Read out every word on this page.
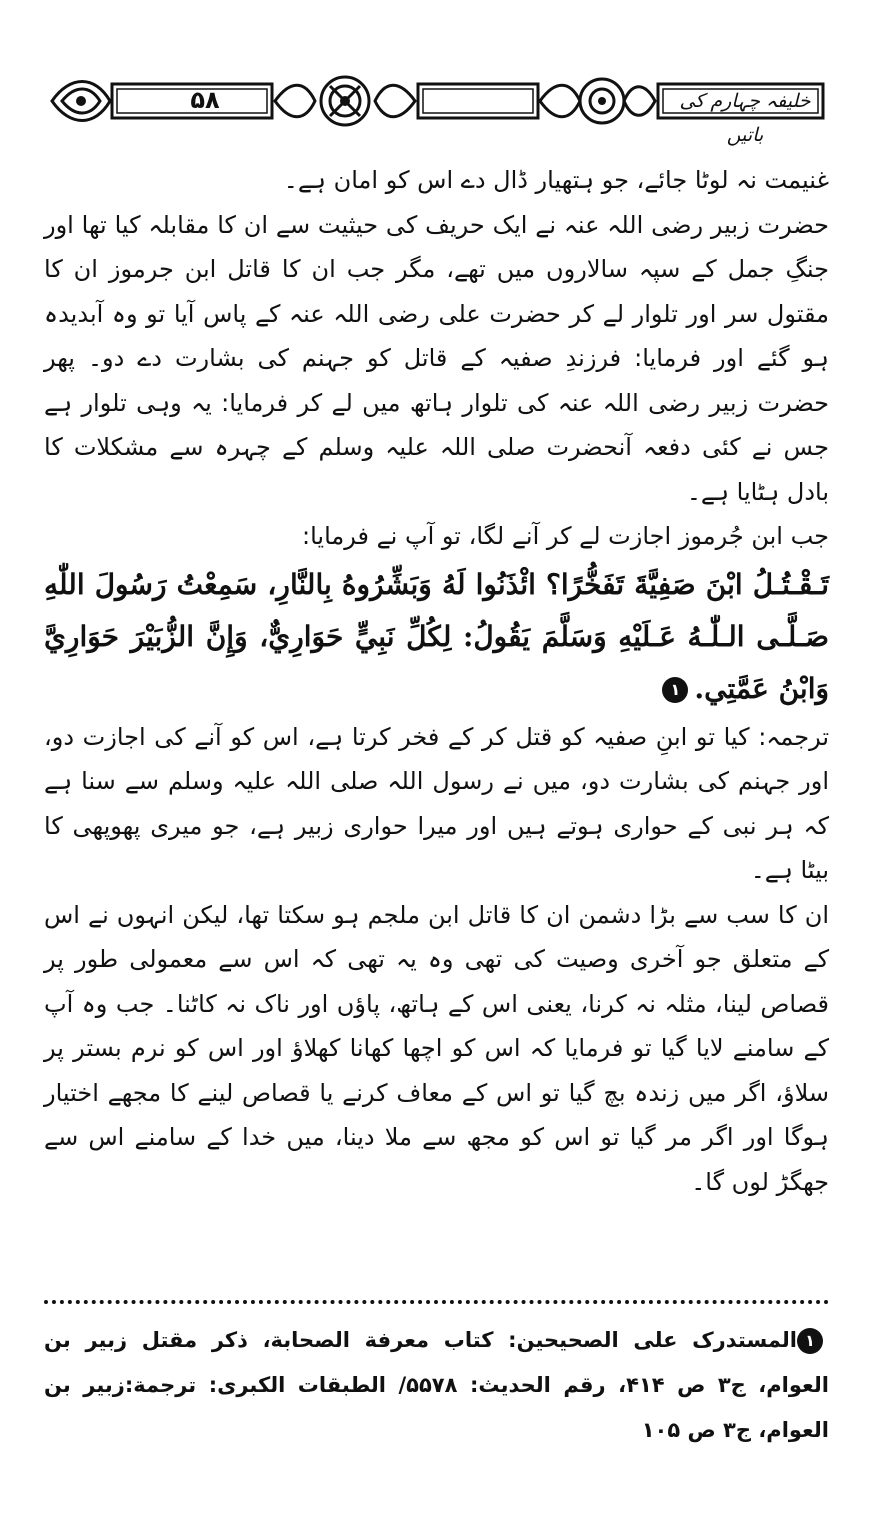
۵۸	خلیفہ چہارم کی باتیں

غنیمت نہ لوٹا جائے، جو ہتھیار ڈال دے اس کو امان ہے۔

حضرت زبیر رضی اللہ عنہ نے ایک حریف کی حیثیت سے ان کا مقابلہ کیا تھا اور جنگِ جمل کے سپہ سالاروں میں تھے، مگر جب ان کا قاتل ابن جرموز ان کا مقتول سر اور تلوار لے کر حضرت علی رضی اللہ عنہ کے پاس آیا تو وہ آبدیدہ ہو گئے اور فرمایا: فرزندِ صفیہ کے قاتل کو جہنم کی بشارت دے دو۔ پھر حضرت زبیر رضی اللہ عنہ کی تلوار ہاتھ میں لے کر فرمایا: یہ وہی تلوار ہے جس نے کئی دفعہ آنحضرت صلی اللہ علیہ وسلم کے چہرہ سے مشکلات کا بادل ہٹایا ہے۔

جب ابن جُرموز اجازت لے کر آنے لگا، تو آپ نے فرمایا:

تَـقْـتُـلُ ابْنَ صَفِيَّةَ تَفَخُّرًا؟ ائْذَنُوا لَهُ وَبَشِّرُوهُ بِالنَّارِ، سَمِعْتُ رَسُولَ اللّٰهِ صَـلَّـى الـلّٰـهُ عَـلَيْهِ وَسَلَّمَ يَقُولُ: لِكُلِّ نَبِيٍّ حَوَارِيٌّ، وَإِنَّ الزُّبَيْرَ حَوَارِيَّ وَابْنُ عَمَّتِي.١

ترجمہ: کیا تو ابنِ صفیہ کو قتل کر کے فخر کرتا ہے، اس کو آنے کی اجازت دو، اور جہنم کی بشارت دو، میں نے رسول اللہ صلی اللہ علیہ وسلم سے سنا ہے کہ ہر نبی کے حواری ہوتے ہیں اور میرا حواری زبیر ہے، جو میری پھوپھی کا بیٹا ہے۔

ان کا سب سے بڑا دشمن ان کا قاتل ابن ملجم ہو سکتا تھا، لیکن انہوں نے اس کے متعلق جو آخری وصیت کی تھی وہ یہ تھی کہ اس سے معمولی طور پر قصاص لینا، مثلہ نہ کرنا، یعنی اس کے ہاتھ، پاؤں اور ناک نہ کاٹنا۔ جب وہ آپ کے سامنے لایا گیا تو فرمایا کہ اس کو اچھا کھانا کھلاؤ اور اس کو نرم بستر پر سلاؤ، اگر میں زندہ بچ گیا تو اس کے معاف کرنے یا قصاص لینے کا مجھے اختیار ہوگا اور اگر مر گیا تو اس کو مجھ سے ملا دینا، میں خدا کے سامنے اس سے جھگڑ لوں گا۔

١المستدرک علی الصحیحین: کتاب معرفة الصحابة، ذکر مقتل زبیر بن العوام، ج۳ ص ۴۱۴، رقم الحدیث: ۵۵۷۸/ الطبقات الکبری: ترجمة:زبیر بن العوام، ج۳ ص ۱۰۵
